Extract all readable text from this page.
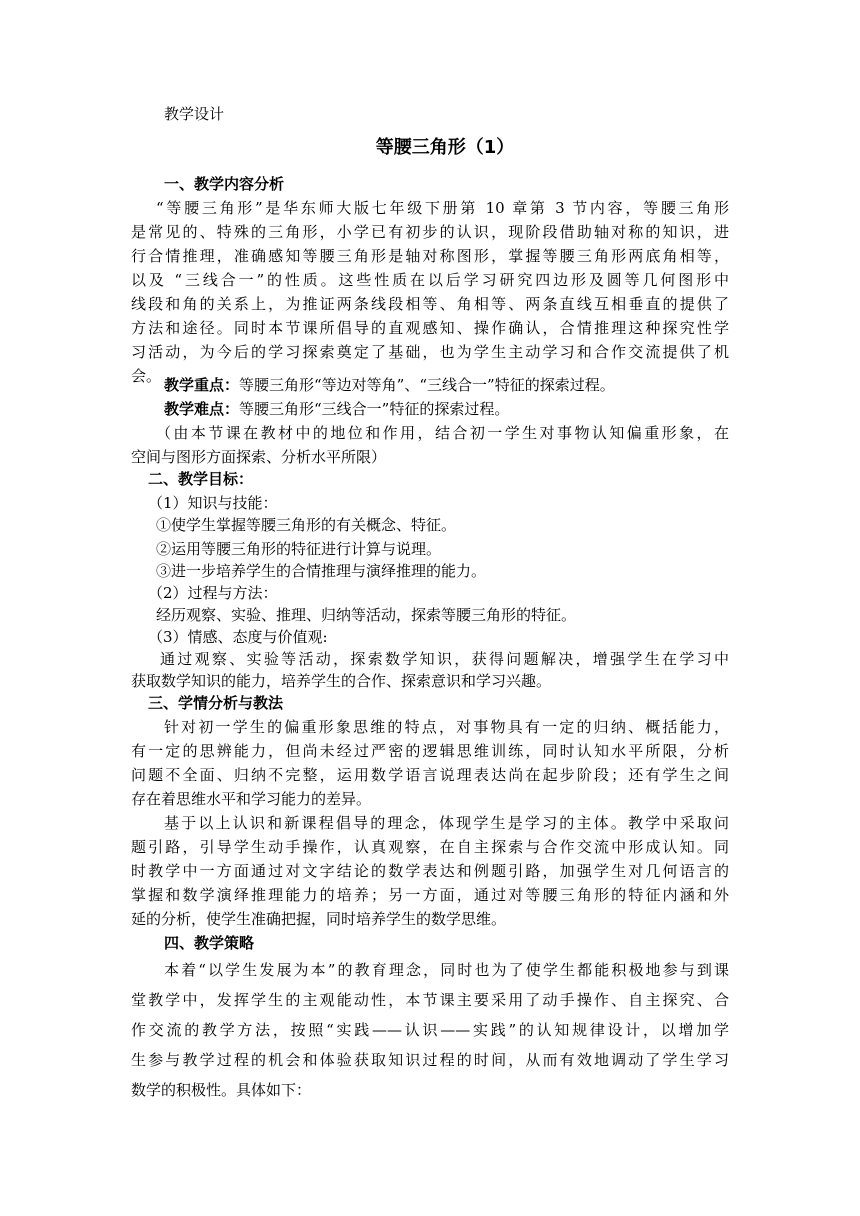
教学设计
等腰三角形（1）
一、教学内容分析
“等腰三角形”是华东师大版七年级下册第 10 章第 3 节内容，等腰三角形
是常见的、特殊的三角形，小学已有初步的认识，现阶段借助轴对称的知识，进
行合情推理，准确感知等腰三角形是轴对称图形，掌握等腰三角形两底角相等，
以及 “三线合一”的性质。这些性质在以后学习研究四边形及圆等几何图形中
线段和角的关系上，为推证两条线段相等、角相等、两条直线互相垂直的提供了
方法和途径。同时本节课所倡导的直观感知、操作确认，合情推理这种探究性学
习活动，为今后的学习探索奠定了基础，也为学生主动学习和合作交流提供了机
会。 教学重点：等腰三角形“等边对等角”、“三线合一”特征的探索过程。
教学难点：等腰三角形“三线合一”特征的探索过程。
（由本节课在教材中的地位和作用，结合初一学生对事物认知偏重形象，在
空间与图形方面探索、分析水平所限）
二、教学目标：
（1）知识与技能：
①使学生掌握等腰三角形的有关概念、特征。
②运用等腰三角形的特征进行计算与说理。
③进一步培养学生的合情推理与演绎推理的能力。
（2）过程与方法：
经历观察、实验、推理、归纳等活动，探索等腰三角形的特征。
（3）情感、态度与价值观:
通过观察、实验等活动，探索数学知识，获得问题解决，增强学生在学习中
获取数学知识的能力，培养学生的合作、探索意识和学习兴趣。
三、学情分析与教法
针对初一学生的偏重形象思维的特点，对事物具有一定的归纳、概括能力，
有一定的思辨能力，但尚未经过严密的逻辑思维训练，同时认知水平所限，分析
问题不全面、归纳不完整，运用数学语言说理表达尚在起步阶段；还有学生之间
存在着思维水平和学习能力的差异。
基于以上认识和新课程倡导的理念，体现学生是学习的主体。教学中采取问
题引路，引导学生动手操作，认真观察，在自主探索与合作交流中形成认知。同
时教学中一方面通过对文字结论的数学表达和例题引路，加强学生对几何语言的
掌握和数学演绎推理能力的培养；另一方面，通过对等腰三角形的特征内涵和外
延的分析，使学生准确把握，同时培养学生的数学思维。
四、教学策略
本着“以学生发展为本”的教育理念，同时也为了使学生都能积极地参与到课
堂教学中，发挥学生的主观能动性，本节课主要采用了动手操作、自主探究、合
作交流的教学方法，按照“实践——认识——实践”的认知规律设计，以增加学
生参与教学过程的机会和体验获取知识过程的时间，从而有效地调动了学生学习
数学的积极性。具体如下：
